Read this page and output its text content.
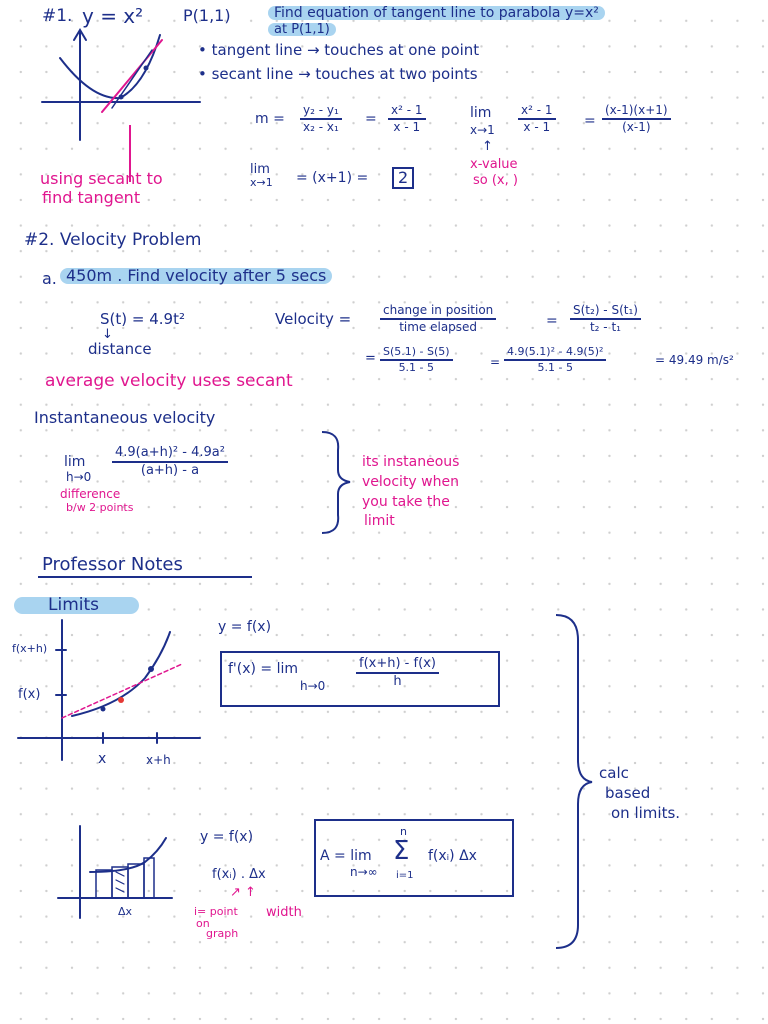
#1. y = x² P(1,1)	Find equation of tangent line to parabola y=x²
at P(1,1)
• tangent line → touches at one point
• secant line → touches at two points
$m = \frac{\text{y₂ - y₁}}{\text{x₂ - x₁}} = \frac{\text{x² - 1}}{x - 1}$	lim
$x\to 1 \frac{\text{x² - 1}}{x - 1} = \frac{(x-1)(x+1)}{(x-1)}$
↑
x-value
so (x, )
lim
x→1 = (x+1) =	2
using secant to
find tangent
#2. Velocity Problem
a. 450m . Find velocity after 5 secs
S(t) = 4.9t²
↓
distance
Velocity =	change in position
time elapsed	= $\frac{\text{S(t₂) - S(t₁)}}{\text{t₂ - t₁}}$
= $\frac{S(5.1) - S(5)}{5.1 - 5}$	= $\frac{\text{4.9(5.1)² - 4.9(5)²}}{5.1 - 5}$	= 49.49 m/s²
average velocity uses secant
Instantaneous velocity
lim
$h\to 0 \frac{\text{4.9(a+h)² - 4.9a²}}{(a+h) - a}$
difference
b/w 2 points
its instaneous
velocity when
you take the
limit
Professor Notes
Limits
f(x+h)
f(x)
x	x+h
y = f(x)
f'(x) = lim
$h\to 0 \frac{f(x+h) - f(x)}{h}$
calc
based
on limits.
Δx
y = f(x)
f(xᵢ) . Δx
↗ ↑
i= point
on
graph
width
A = lim
n→∞
n
Σ
i=1
f(xᵢ) Δx
